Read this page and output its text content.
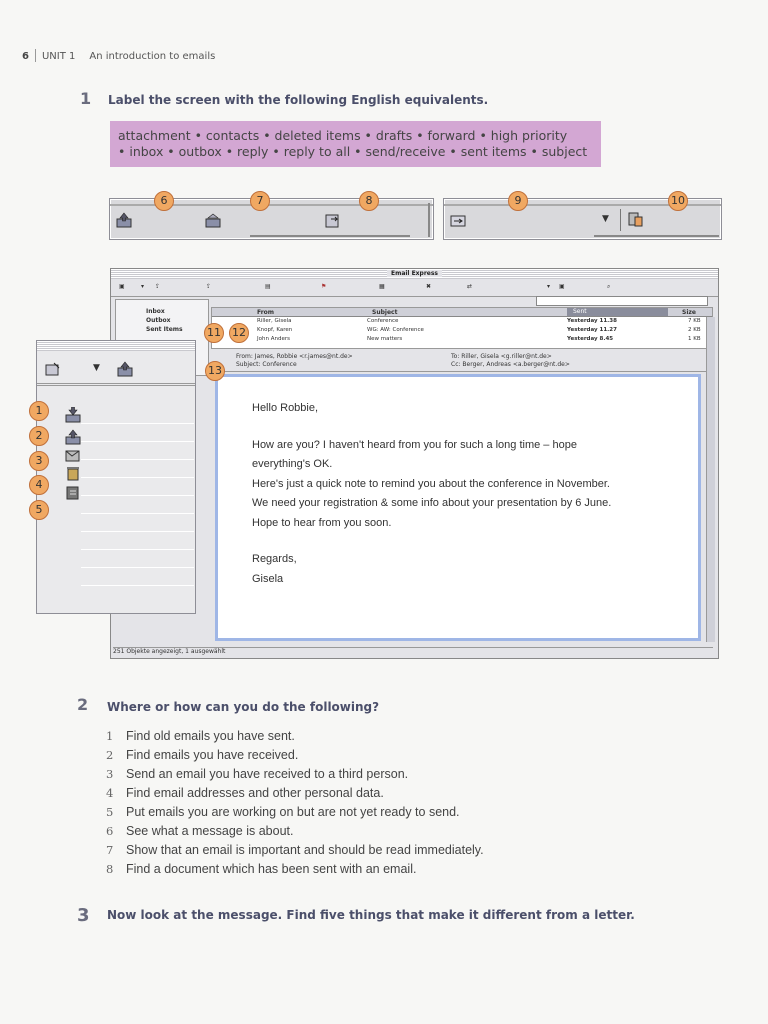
6 UNIT 1 An introduction to emails
1 Label the screen with the following English equivalents.
attachment • contacts • deleted items • drafts • forward • high priority
• inbox • outbox • reply • reply to all • send/receive • sent items • subject
6	7	8
▼
9	10
Email Express
▣	▾ ⇪	⇪	▤	⚑	▦	✖	⇄	▾ ▣	⌕
Inbox
Outbox
Sent Items
From	Subject	Sent	Size
Riller, Gisela	Conference	Yesterday 11.38	7 KB
Knopf, Karen	WG: AW: Conference	Yesterday 11.27	2 KB
John Anders	New matters	Yesterday 8.45	1 KB
From: James, Robbie <r.james@nt.de>
Subject: Conference
To: Riller, Gisela <g.riller@nt.de>
Cc: Berger, Andreas <a.berger@nt.de>
Hello Robbie,
How are you? I haven't heard from you for such a long time – hope
everything's OK.
Here's just a quick note to remind you about the conference in November.
We need your registration & some info about your presentation by 6 June.
Hope to hear from you soon.
Regards,
Gisela
251 Objekte angezeigt, 1 ausgewählt
11 12
13
▼
1
2
3
4
5
2 Where or how can you do the following?
1 Find old emails you have sent.
2 Find emails you have received.
3 Send an email you have received to a third person.
4 Find email addresses and other personal data.
5 Put emails you are working on but are not yet ready to send.
6 See what a message is about.
7 Show that an email is important and should be read immediately.
8 Find a document which has been sent with an email.
3 Now look at the message. Find five things that make it different from a letter.
